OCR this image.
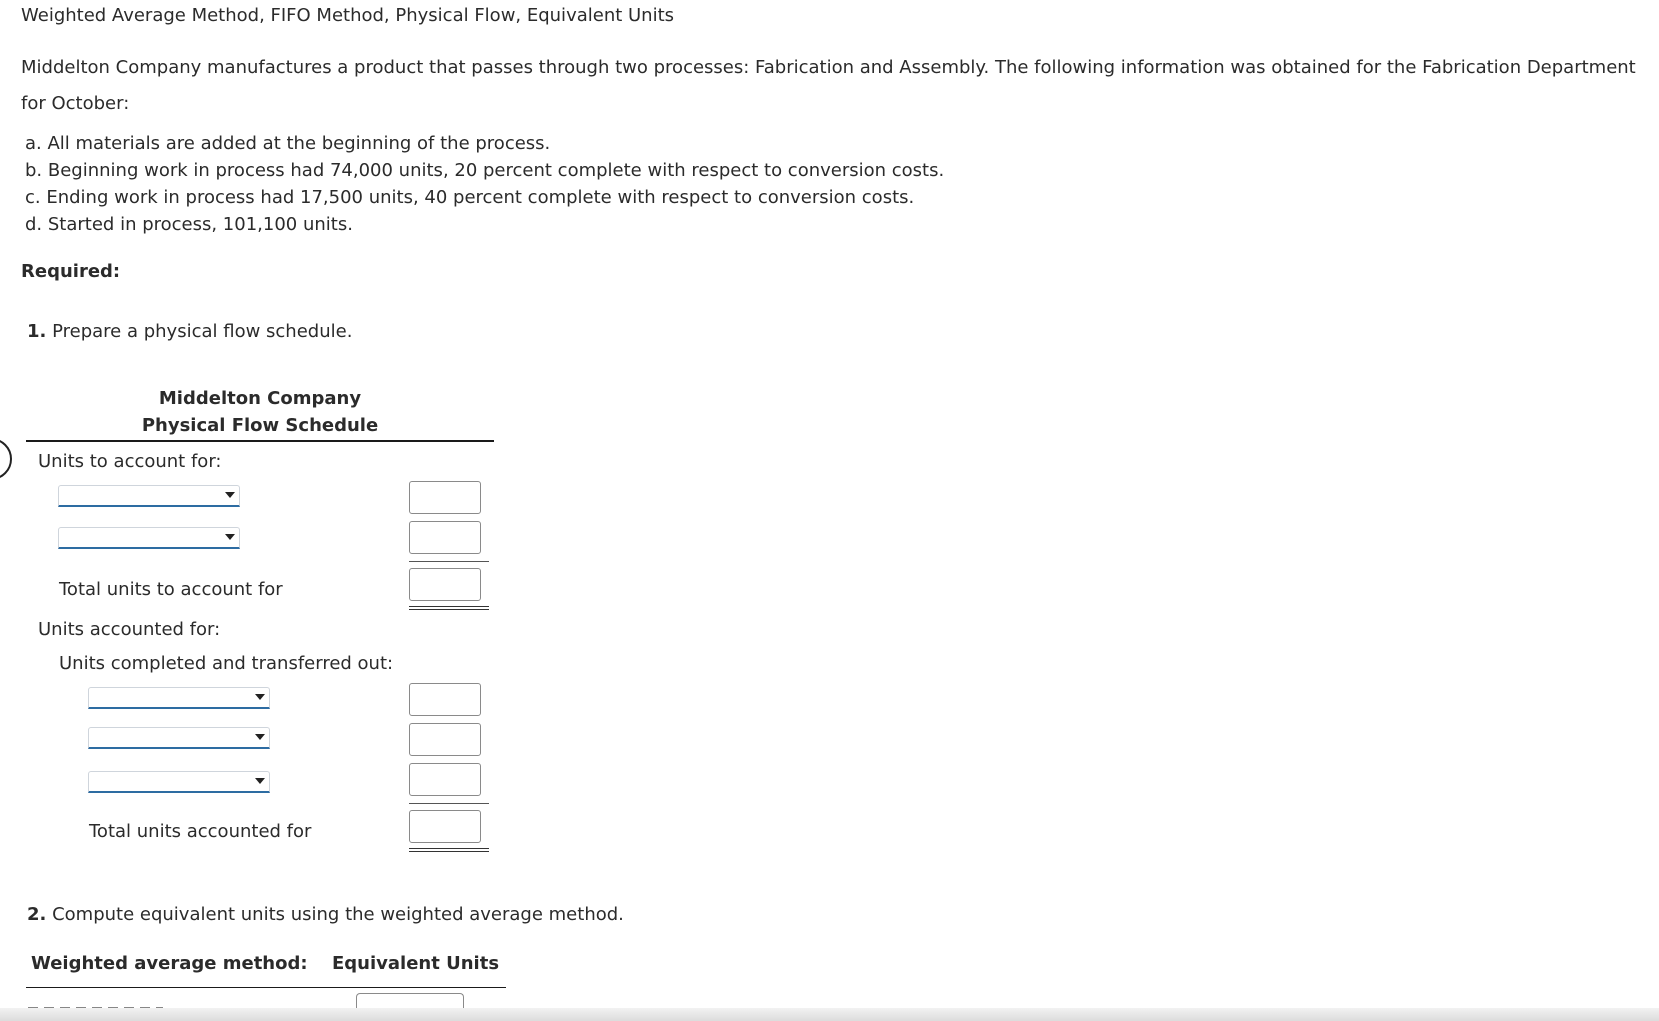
Weighted Average Method, FIFO Method, Physical Flow, Equivalent Units
Middelton Company manufactures a product that passes through two processes: Fabrication and Assembly. The following information was obtained for the Fabrication Department
for October:
a. All materials are added at the beginning of the process.
b. Beginning work in process had 74,000 units, 20 percent complete with respect to conversion costs.
c. Ending work in process had 17,500 units, 40 percent complete with respect to conversion costs.
d. Started in process, 101,100 units.
Required:
1. Prepare a physical flow schedule.
Middelton Company
Physical Flow Schedule
Units to account for:
Total units to account for
Units accounted for:
Units completed and transferred out:
Total units accounted for
2. Compute equivalent units using the weighted average method.
Weighted average method: Equivalent Units
